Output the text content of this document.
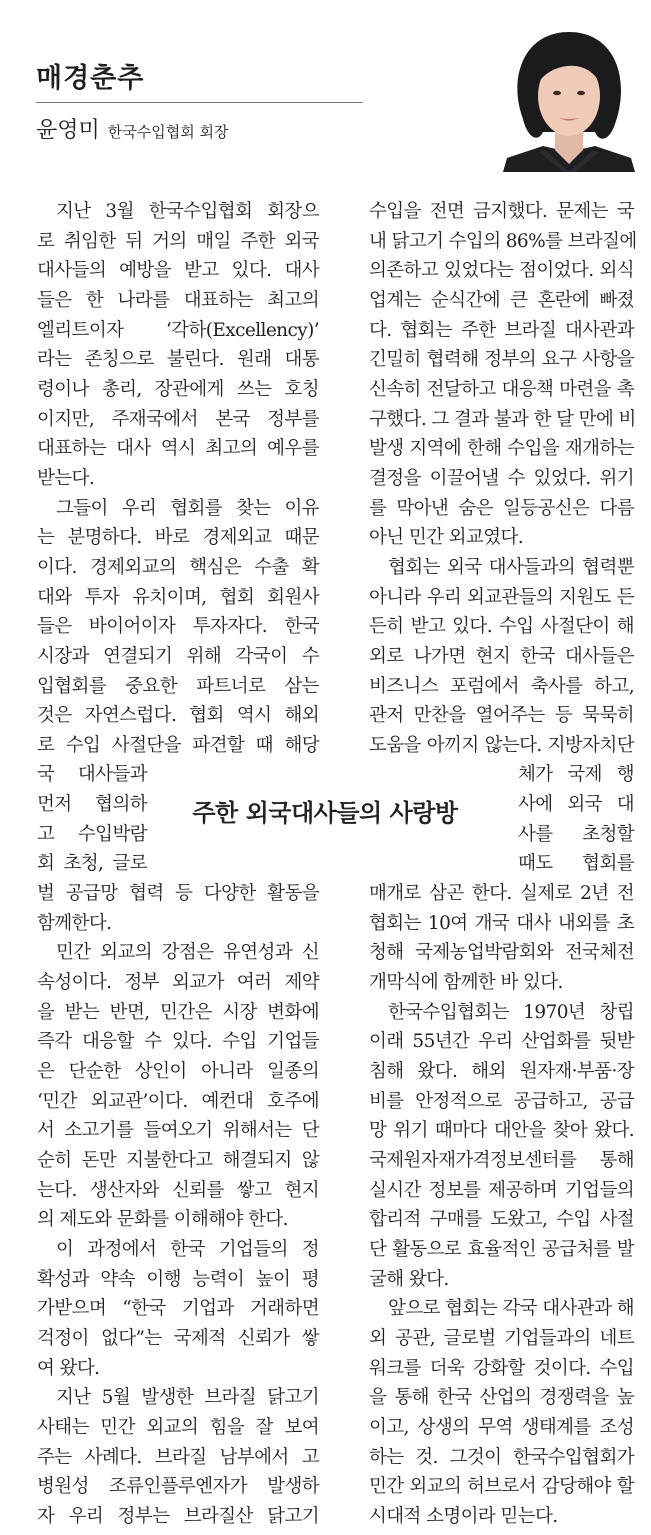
매경춘추
윤영미 한국수입협회 회장
지난 3월 한국수입협회 회장으
로 취임한 뒤 거의 매일 주한 외국
대사들의 예방을 받고 있다. 대사
들은 한 나라를 대표하는 최고의
엘리트이자 ‘각하(Excellency)’
라는 존칭으로 불린다. 원래 대통
령이나 총리, 장관에게 쓰는 호칭
이지만, 주재국에서 본국 정부를
대표하는 대사 역시 최고의 예우를
받는다.
그들이 우리 협회를 찾는 이유
는 분명하다. 바로 경제외교 때문
이다. 경제외교의 핵심은 수출 확
대와 투자 유치이며, 협회 회원사
들은 바이어이자 투자자다. 한국
시장과 연결되기 위해 각국이 수
입협회를 중요한 파트너로 삼는
것은 자연스럽다. 협회 역시 해외
로 수입 사절단을 파견할 때 해당
국 대사들과
먼저 협의하
고 수입박람
회 초청, 글로
벌 공급망 협력 등 다양한 활동을
함께한다.
민간 외교의 강점은 유연성과 신
속성이다. 정부 외교가 여러 제약
을 받는 반면, 민간은 시장 변화에
즉각 대응할 수 있다. 수입 기업들
은 단순한 상인이 아니라 일종의
‘민간 외교관’이다. 예컨대 호주에
서 소고기를 들여오기 위해서는 단
순히 돈만 지불한다고 해결되지 않
는다. 생산자와 신뢰를 쌓고 현지
의 제도와 문화를 이해해야 한다.
이 과정에서 한국 기업들의 정
확성과 약속 이행 능력이 높이 평
가받으며 “한국 기업과 거래하면
걱정이 없다”는 국제적 신뢰가 쌓
여 왔다.
지난 5월 발생한 브라질 닭고기
사태는 민간 외교의 힘을 잘 보여
주는 사례다. 브라질 남부에서 고
병원성 조류인플루엔자가 발생하
자 우리 정부는 브라질산 닭고기
수입을 전면 금지했다. 문제는 국
내 닭고기 수입의 86%를 브라질에
의존하고 있었다는 점이었다. 외식
업계는 순식간에 큰 혼란에 빠졌
다. 협회는 주한 브라질 대사관과
긴밀히 협력해 정부의 요구 사항을
신속히 전달하고 대응책 마련을 촉
구했다. 그 결과 불과 한 달 만에 비
발생 지역에 한해 수입을 재개하는
결정을 이끌어낼 수 있었다. 위기
를 막아낸 숨은 일등공신은 다름
아닌 민간 외교였다.
협회는 외국 대사들과의 협력뿐
아니라 우리 외교관들의 지원도 든
든히 받고 있다. 수입 사절단이 해
외로 나가면 현지 한국 대사들은
비즈니스 포럼에서 축사를 하고,
관저 만찬을 열어주는 등 묵묵히
도움을 아끼지 않는다. 지방자치단
체가 국제 행
사에 외국 대
사를 초청할
때도 협회를
매개로 삼곤 한다. 실제로 2년 전
협회는 10여 개국 대사 내외를 초
청해 국제농업박람회와 전국체전
개막식에 함께한 바 있다.
한국수입협회는 1970년 창립
이래 55년간 우리 산업화를 뒷받
침해 왔다. 해외 원자재·부품·장
비를 안정적으로 공급하고, 공급
망 위기 때마다 대안을 찾아 왔다.
국제원자재가격정보센터를 통해
실시간 정보를 제공하며 기업들의
합리적 구매를 도왔고, 수입 사절
단 활동으로 효율적인 공급처를 발
굴해 왔다.
앞으로 협회는 각국 대사관과 해
외 공관, 글로벌 기업들과의 네트
워크를 더욱 강화할 것이다. 수입
을 통해 한국 산업의 경쟁력을 높
이고, 상생의 무역 생태계를 조성
하는 것. 그것이 한국수입협회가
민간 외교의 허브로서 감당해야 할
시대적 소명이라 믿는다.
주한 외국대사들의 사랑방
